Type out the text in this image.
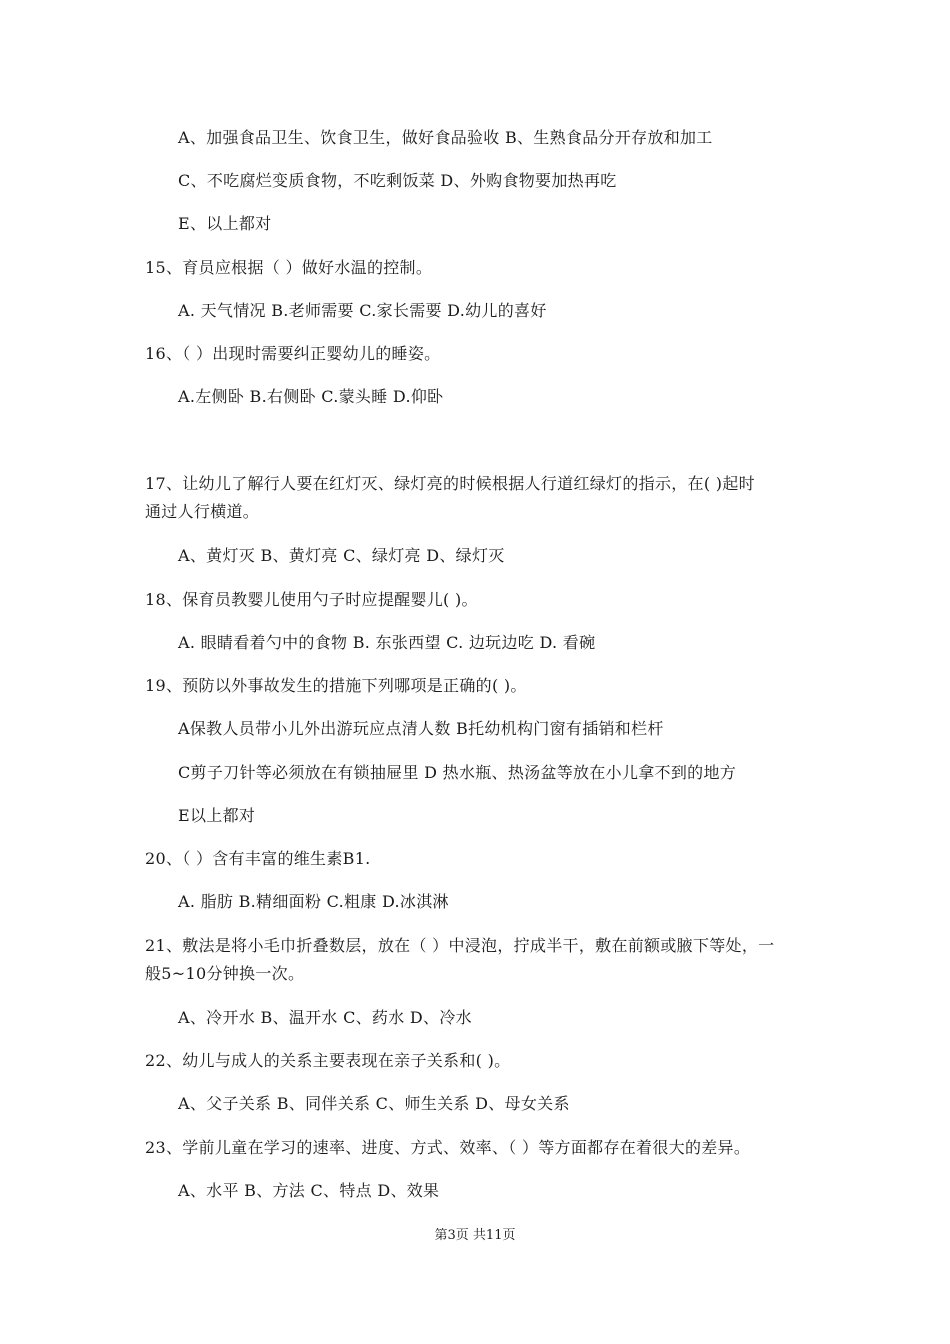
A、加强食品卫生、饮食卫生，做好食品验收 B、生熟食品分开存放和加工
C、不吃腐烂变质食物，不吃剩饭菜 D、外购食物要加热再吃
E、以上都对
15、育员应根据（ ）做好水温的控制。
A. 天气情况 B.老师需要 C.家长需要 D.幼儿的喜好
16、（ ）出现时需要纠正婴幼儿的睡姿。
A.左侧卧 B.右侧卧 C.蒙头睡 D.仰卧
17、让幼儿了解行人要在红灯灭、绿灯亮的时候根据人行道红绿灯的指示，在( )起时
通过人行横道。
A、黄灯灭 B、黄灯亮 C、绿灯亮 D、绿灯灭
18、保育员教婴儿使用勺子时应提醒婴儿( )。
A. 眼睛看着勺中的食物 B. 东张西望 C. 边玩边吃 D. 看碗
19、预防以外事故发生的措施下列哪项是正确的( )。
A保教人员带小儿外出游玩应点清人数 B托幼机构门窗有插销和栏杆
C剪子刀针等必须放在有锁抽屉里 D 热水瓶、热汤盆等放在小儿拿不到的地方
E以上都对
20、（ ）含有丰富的维生素B1.
A. 脂肪 B.精细面粉 C.粗康 D.冰淇淋
21、敷法是将小毛巾折叠数层，放在（ ）中浸泡，拧成半干，敷在前额或腋下等处，一
般5~10分钟换一次。
A、冷开水 B、温开水 C、药水 D、冷水
22、幼儿与成人的关系主要表现在亲子关系和( )。
A、父子关系 B、同伴关系 C、师生关系 D、母女关系
23、学前儿童在学习的速率、进度、方式、效率、（ ）等方面都存在着很大的差异。
A、水平 B、方法 C、特点 D、效果
第3页 共11页
